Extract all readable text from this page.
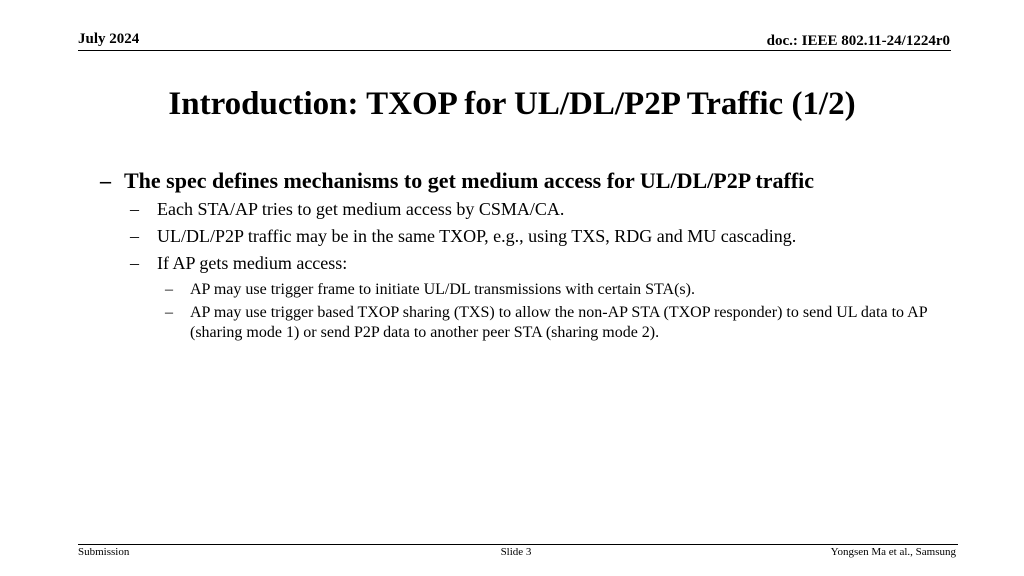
July 2024	doc.: IEEE 802.11-24/1224r0
Introduction: TXOP for UL/DL/P2P Traffic (1/2)
– The spec defines mechanisms to get medium access for UL/DL/P2P traffic
– Each STA/AP tries to get medium access by CSMA/CA.
– UL/DL/P2P traffic may be in the same TXOP, e.g., using TXS, RDG and MU cascading.
– If AP gets medium access:
– AP may use trigger frame to initiate UL/DL transmissions with certain STA(s).
– AP may use trigger based TXOP sharing (TXS) to allow the non-AP STA (TXOP responder) to send UL data to AP (sharing mode 1) or send P2P data to another peer STA (sharing mode 2).
Submission	Slide 3	Yongsen Ma et al., Samsung
